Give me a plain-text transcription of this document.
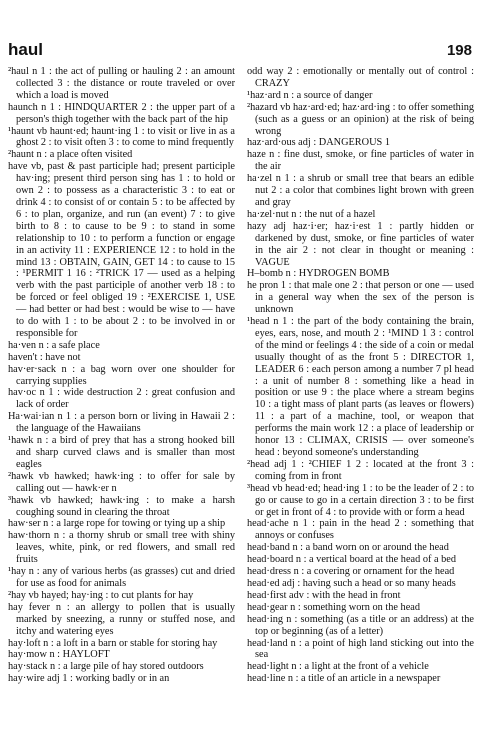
haul	198
²haul n 1 : the act of pulling or hauling 2 : an amount collected 3 : the distance or route traveled or over which a load is moved
haunch n 1 : HINDQUARTER 2 : the upper part of a person's thigh together with the back part of the hip
¹haunt vb haunt·ed; haunt·ing 1 : to visit or live in as a ghost 2 : to visit often 3 : to come to mind frequently
²haunt n : a place often visited
have vb, past & past participle had; present participle hav·ing; present third person sing has 1 : to hold or own 2 : to possess as a characteristic 3 : to eat or drink 4 : to consist of or contain 5 : to be affected by 6 : to plan, organize, and run (an event) 7 : to give birth to 8 : to cause to be 9 : to stand in some relationship to 10 : to perform a function or engage in an activity 11 : EXPERIENCE 12 : to hold in the mind 13 : OBTAIN, GAIN, GET 14 : to cause to 15 : ¹PERMIT 1 16 : ²TRICK 17 — used as a helping verb with the past participle of another verb 18 : to be forced or feel obliged 19 : ²EXERCISE 1, USE — had better or had best : would be wise to — have to do with 1 : to be about 2 : to be involved in or responsible for
ha·ven n : a safe place
haven't : have not
hav·er·sack n : a bag worn over one shoulder for carrying supplies
hav·oc n 1 : wide destruction 2 : great confusion and lack of order
Ha·wai·ian n 1 : a person born or living in Hawaii 2 : the language of the Hawaiians
¹hawk n : a bird of prey that has a strong hooked bill and sharp curved claws and is smaller than most eagles
²hawk vb hawked; hawk·ing : to offer for sale by calling out — hawk·er n
³hawk vb hawked; hawk·ing : to make a harsh coughing sound in clearing the throat
haw·ser n : a large rope for towing or tying up a ship
haw·thorn n : a thorny shrub or small tree with shiny leaves, white, pink, or red flowers, and small red fruits
¹hay n : any of various herbs (as grasses) cut and dried for use as food for animals
²hay vb hayed; hay·ing : to cut plants for hay
hay fever n : an allergy to pollen that is usually marked by sneezing, a runny or stuffed nose, and itchy and watering eyes
hay·loft n : a loft in a barn or stable for storing hay
hay·mow n : HAYLOFT
hay·stack n : a large pile of hay stored outdoors
hay·wire adj 1 : working badly or in an
odd way 2 : emotionally or mentally out of control : CRAZY
¹haz·ard n : a source of danger
²hazard vb haz·ard·ed; haz·ard·ing : to offer something (such as a guess or an opinion) at the risk of being wrong
haz·ard·ous adj : DANGEROUS 1
haze n : fine dust, smoke, or fine particles of water in the air
ha·zel n 1 : a shrub or small tree that bears an edible nut 2 : a color that combines light brown with green and gray
ha·zel·nut n : the nut of a hazel
hazy adj haz·i·er; haz·i·est 1 : partly hidden or darkened by dust, smoke, or fine particles of water in the air 2 : not clear in thought or meaning : VAGUE
H–bomb n : HYDROGEN BOMB
he pron 1 : that male one 2 : that person or one — used in a general way when the sex of the person is unknown
¹head n 1 : the part of the body containing the brain, eyes, ears, nose, and mouth 2 : ¹MIND 1 3 : control of the mind or feelings 4 : the side of a coin or medal usually thought of as the front 5 : DIRECTOR 1, LEADER 6 : each person among a number 7 pl head : a unit of number 8 : something like a head in position or use 9 : the place where a stream begins 10 : a tight mass of plant parts (as leaves or flowers) 11 : a part of a machine, tool, or weapon that performs the main work 12 : a place of leadership or honor 13 : CLIMAX, CRISIS — over someone's head : beyond someone's understanding
²head adj 1 : ²CHIEF 1 2 : located at the front 3 : coming from in front
³head vb head·ed; head·ing 1 : to be the leader of 2 : to go or cause to go in a certain direction 3 : to be first or get in front of 4 : to provide with or form a head
head·ache n 1 : pain in the head 2 : something that annoys or confuses
head·band n : a band worn on or around the head
head·board n : a vertical board at the head of a bed
head·dress n : a covering or ornament for the head
head·ed adj : having such a head or so many heads
head·first adv : with the head in front
head·gear n : something worn on the head
head·ing n : something (as a title or an address) at the top or beginning (as of a letter)
head·land n : a point of high land sticking out into the sea
head·light n : a light at the front of a vehicle
head·line n : a title of an article in a newspaper
